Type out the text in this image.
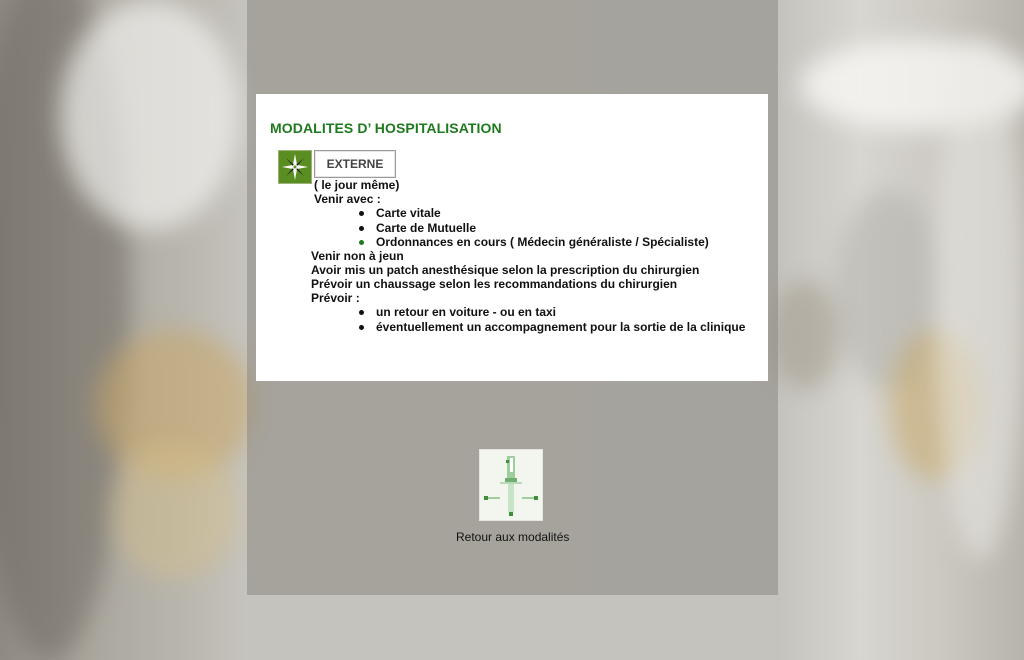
MODALITES D’ HOSPITALISATION
EXTERNE
( le jour même)
Venir avec :
Carte vitale
Carte de Mutuelle
Ordonnances en cours ( Médecin généraliste / Spécialiste)
Venir non à jeun
Avoir mis un patch anesthésique selon la prescription du chirurgien
Prévoir un chaussage selon les recommandations du chirurgien
Prévoir :
un retour en voiture - ou en taxi
éventuellement un accompagnement pour la sortie de la clinique
Retour aux modalités
